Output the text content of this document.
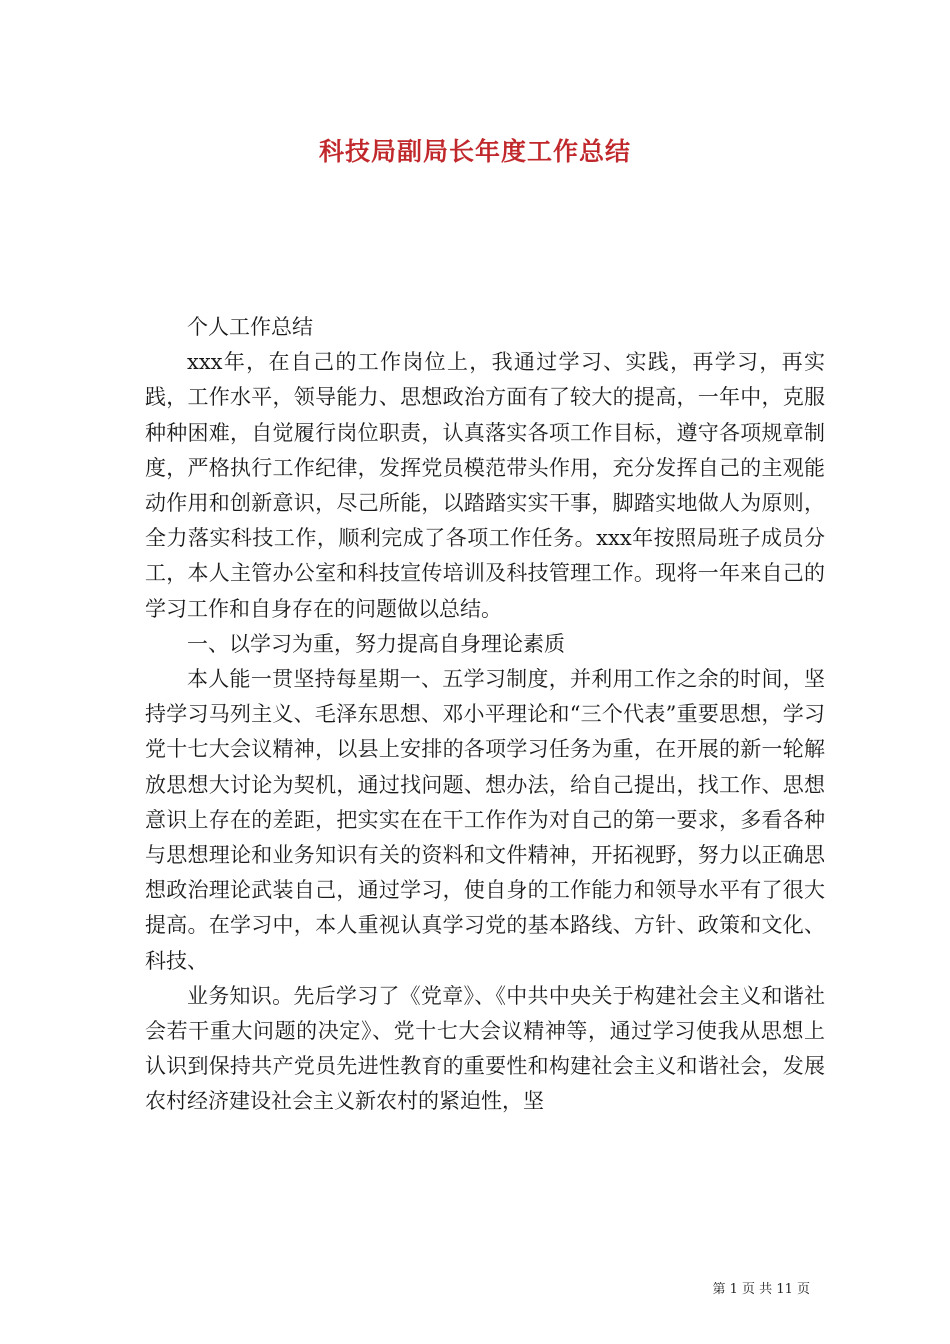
科技局副局长年度工作总结

个人工作总结

xxx年，在自己的工作岗位上，我通过学习、实践，再学习，再实践，工作水平，领导能力、思想政治方面有了较大的提高，一年中，克服种种困难，自觉履行岗位职责，认真落实各项工作目标，遵守各项规章制度，严格执行工作纪律，发挥党员模范带头作用，充分发挥自己的主观能动作用和创新意识，尽己所能，以踏踏实实干事，脚踏实地做人为原则，全力落实科技工作，顺利完成了各项工作任务。xxx年按照局班子成员分工，本人主管办公室和科技宣传培训及科技管理工作。现将一年来自己的学习工作和自身存在的问题做以总结。

一、以学习为重，努力提高自身理论素质

本人能一贯坚持每星期一、五学习制度，并利用工作之余的时间，坚持学习马列主义、毛泽东思想、邓小平理论和“三个代表”重要思想，学习党十七大会议精神，以县上安排的各项学习任务为重，在开展的新一轮解放思想大讨论为契机，通过找问题、想办法，给自己提出，找工作、思想意识上存在的差距，把实实在在干工作作为对自己的第一要求，多看各种与思想理论和业务知识有关的资料和文件精神，开拓视野，努力以正确思想政治理论武装自己，通过学习，使自身的工作能力和领导水平有了很大提高。在学习中，本人重视认真学习党的基本路线、方针、政策和文化、科技、

业务知识。先后学习了《党章》、《中共中央关于构建社会主义和谐社会若干重大问题的决定》、党十七大会议精神等，通过学习使我从思想上认识到保持共产党员先进性教育的重要性和构建社会主义和谐社会，发展农村经济建设社会主义新农村的紧迫性，坚

第 1 页 共 11 页
